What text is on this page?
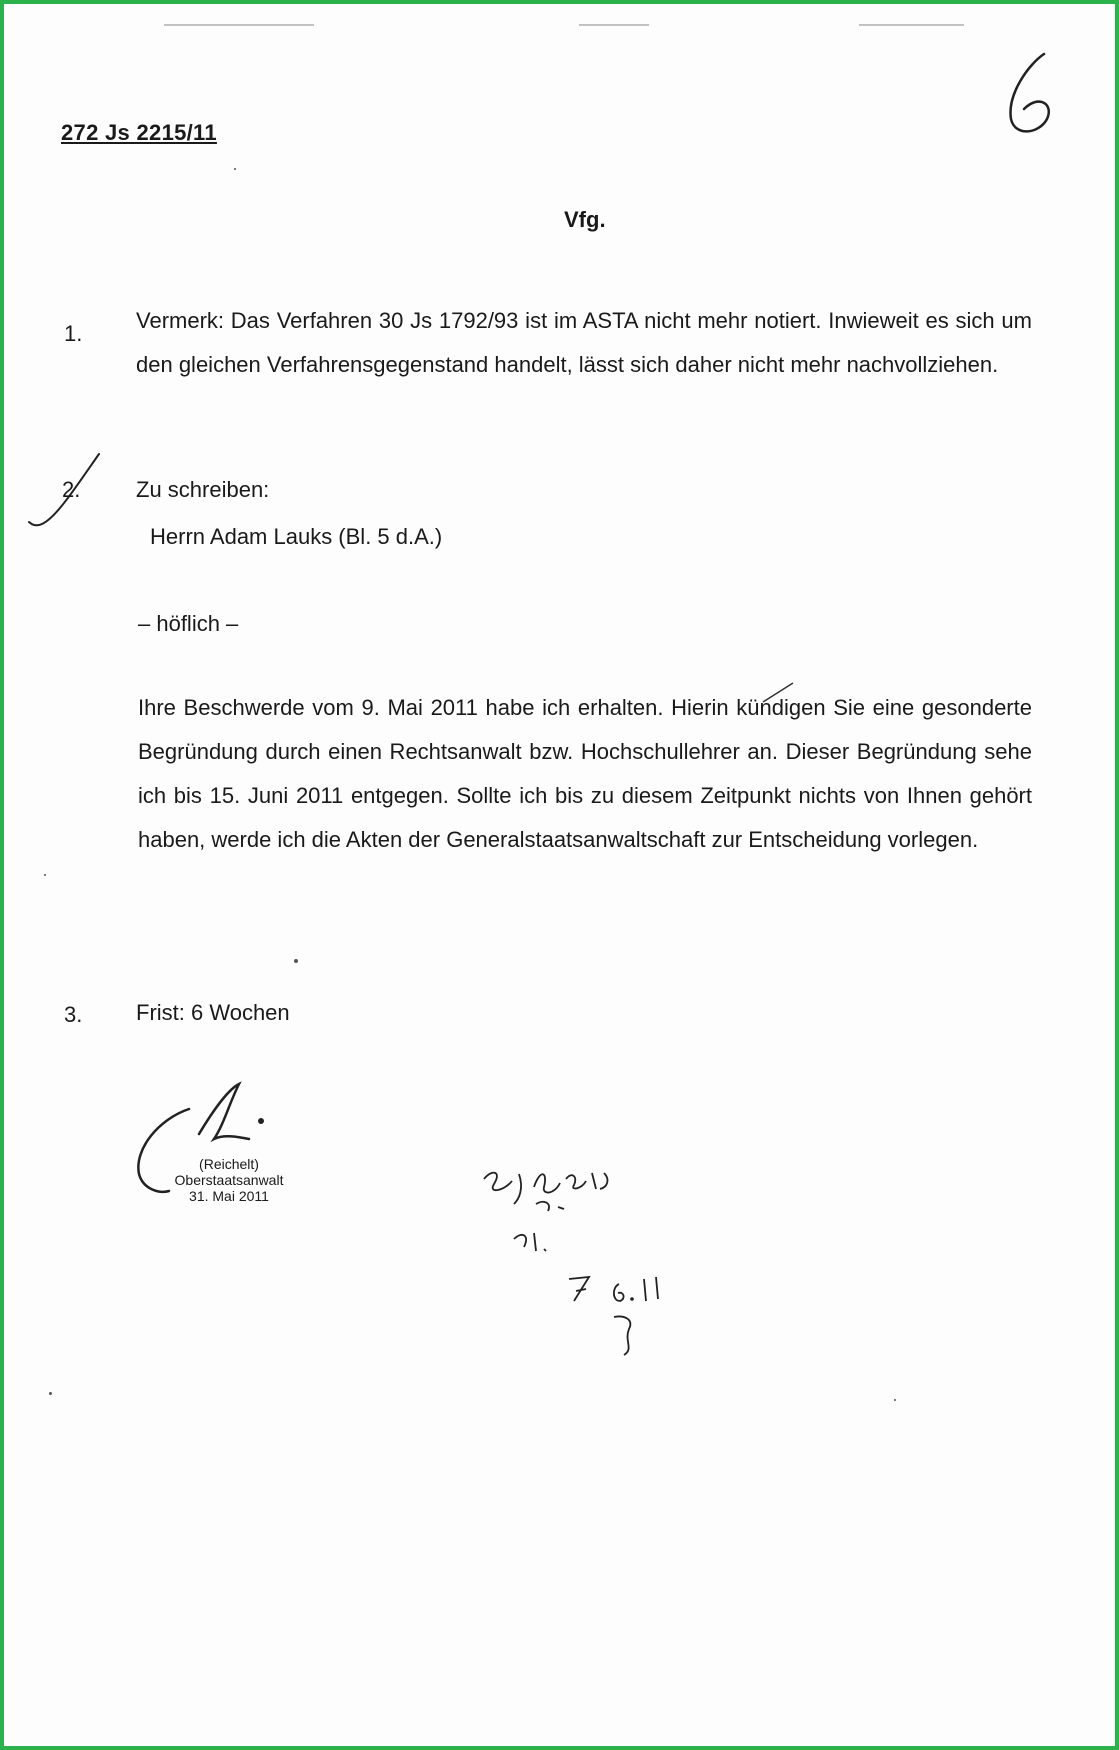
272 Js 2215/11

Vfg.

1.

Vermerk: Das Verfahren 30 Js 1792/93 ist im ASTA nicht mehr notiert. Inwieweit es sich um den gleichen Verfahrensgegenstand handelt, lässt sich daher nicht mehr nachvollziehen.

2.	Zu schreiben:

Herrn Adam Lauks (Bl. 5 d.A.)

– höflich –

Ihre Beschwerde vom 9. Mai 2011 habe ich erhalten. Hierin kündigen Sie eine gesonderte Begründung durch einen Rechtsanwalt bzw. Hochschullehrer an. Dieser Begründung sehe ich bis 15. Juni 2011 entgegen. Sollte ich bis zu diesem Zeitpunkt nichts von Ihnen gehört haben, werde ich die Akten der Generalstaatsanwaltschaft zur Entscheidung vorlegen.

3. Frist: 6 Wochen

(Reichelt)
Oberstaatsanwalt
31. Mai 2011
